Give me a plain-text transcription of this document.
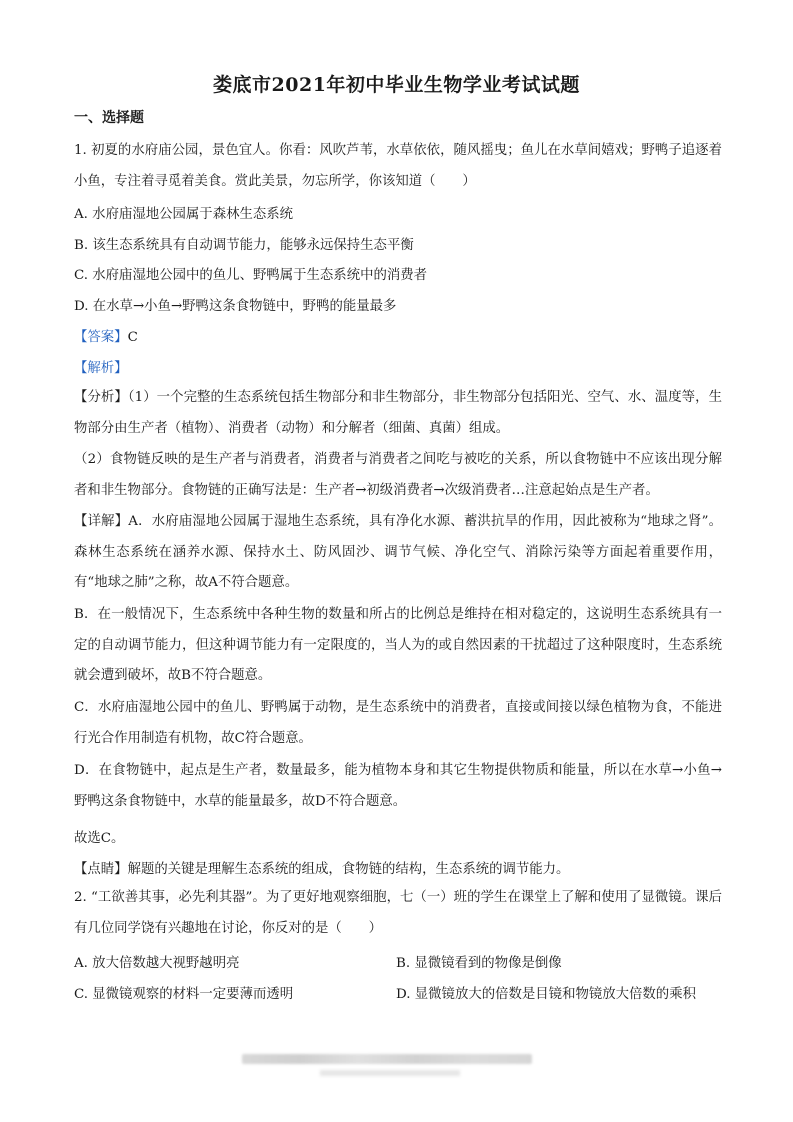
娄底市2021年初中毕业生物学业考试试题
一、选择题
1. 初夏的水府庙公园，景色宜人。你看：风吹芦苇，水草依依，随风摇曳；鱼儿在水草间嬉戏；野鸭子追逐着小鱼，专注着寻觅着美食。赏此美景，勿忘所学，你该知道（　　）
A. 水府庙湿地公园属于森林生态系统
B. 该生态系统具有自动调节能力，能够永远保持生态平衡
C. 水府庙湿地公园中的鱼儿、野鸭属于生态系统中的消费者
D. 在水草→小鱼→野鸭这条食物链中，野鸭的能量最多
【答案】C
【解析】
【分析】（1）一个完整的生态系统包括生物部分和非生物部分，非生物部分包括阳光、空气、水、温度等，生物部分由生产者（植物）、消费者（动物）和分解者（细菌、真菌）组成。
（2）食物链反映的是生产者与消费者，消费者与消费者之间吃与被吃的关系，所以食物链中不应该出现分解者和非生物部分。食物链的正确写法是：生产者→初级消费者→次级消费者…注意起始点是生产者。
【详解】A．水府庙湿地公园属于湿地生态系统，具有净化水源、蓄洪抗旱的作用，因此被称为“地球之肾”。森林生态系统在涵养水源、保持水土、防风固沙、调节气候、净化空气、消除污染等方面起着重要作用，有“地球之肺”之称，故A不符合题意。
B．在一般情况下，生态系统中各种生物的数量和所占的比例总是维持在相对稳定的，这说明生态系统具有一定的自动调节能力，但这种调节能力有一定限度的，当人为的或自然因素的干扰超过了这种限度时，生态系统就会遭到破坏，故B不符合题意。
C．水府庙湿地公园中的鱼儿、野鸭属于动物，是生态系统中的消费者，直接或间接以绿色植物为食，不能进行光合作用制造有机物，故C符合题意。
D．在食物链中，起点是生产者，数量最多，能为植物本身和其它生物提供物质和能量，所以在水草→小鱼→野鸭这条食物链中，水草的能量最多，故D不符合题意。
故选C。
【点睛】解题的关键是理解生态系统的组成，食物链的结构，生态系统的调节能力。
2. “工欲善其事，必先利其器”。为了更好地观察细胞，七（一）班的学生在课堂上了解和使用了显微镜。课后有几位同学饶有兴趣地在讨论，你反对的是（　　）
A. 放大倍数越大视野越明亮	B. 显微镜看到的物像是倒像
C. 显微镜观察的材料一定要薄而透明	D. 显微镜放大的倍数是目镜和物镜放大倍数的乘积
